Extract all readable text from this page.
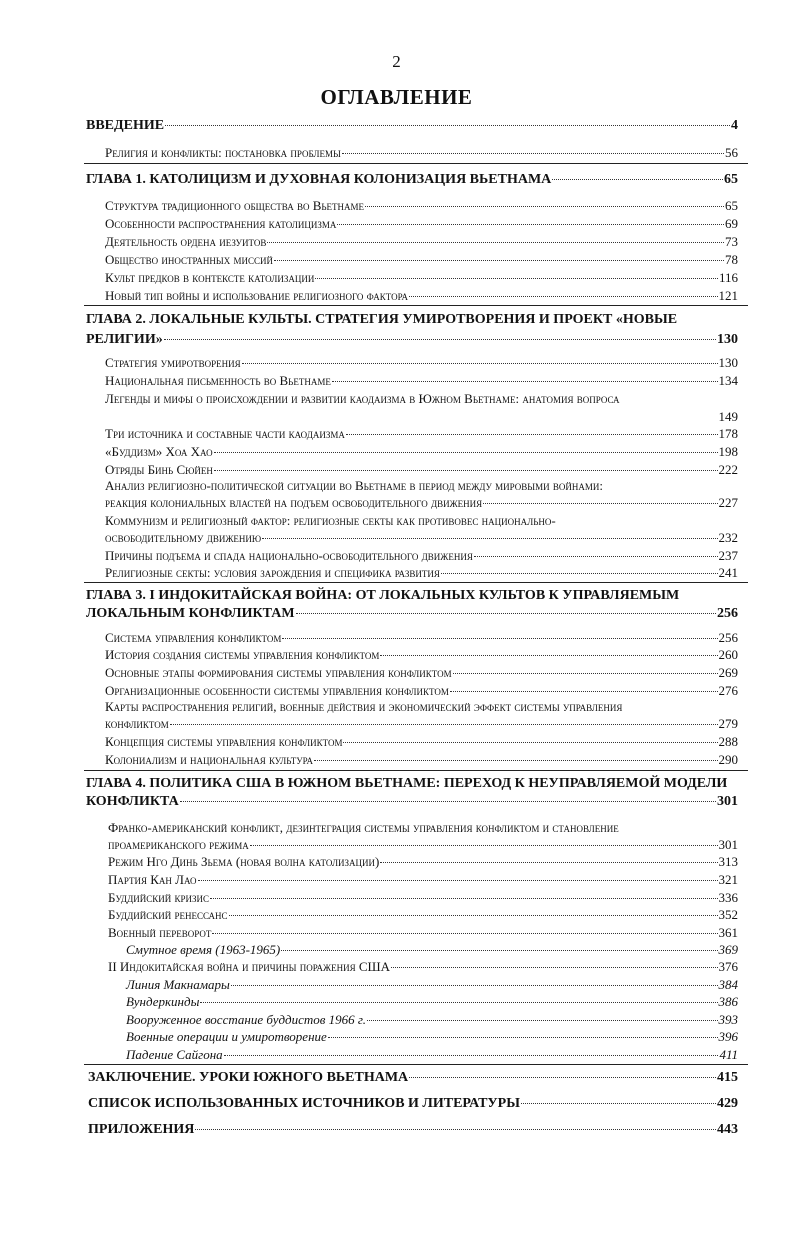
2
ОГЛАВЛЕНИЕ
ВВЕДЕНИЕ	4
Религия и конфликты: постановка проблемы	56
ГЛАВА 1. КАТОЛИЦИЗМ И ДУХОВНАЯ КОЛОНИЗАЦИЯ ВЬЕТНАМА	65
Структура традиционного общества во Вьетнаме	65
Особенности распространения католицизма	69
Деятельность ордена иезуитов	73
Общество иностранных миссий	78
Культ предков в контексте католизации	116
Новый тип войны и использование религиозного фактора	121
ГЛАВА 2. ЛОКАЛЬНЫЕ КУЛЬТЫ. СТРАТЕГИЯ УМИРОТВОРЕНИЯ И ПРОЕКТ «НОВЫЕ
РЕЛИГИИ»	130
Стратегия умиротворения	130
Национальная письменность во Вьетнаме	134
Легенды и мифы о происхождении и развитии каодаизма в Южном Вьетнаме: анатомия вопроса
149
Три источника и составные части каодаизма	178
«Буддизм» Хоа Хао	198
Отряды Бинь Сюйен	222
Анализ религиозно-политической ситуации во Вьетнаме в период между мировыми войнами:
реакция колониальных властей на подъем освободительного движения	227
Коммунизм и религиозный фактор: религиозные секты как противовес национально-
освободительному движению	232
Причины подъема и спада национально-освободительного движения	237
Религиозные секты: условия зарождения и специфика развития	241
ГЛАВА 3. I ИНДОКИТАЙСКАЯ ВОЙНА: ОТ ЛОКАЛЬНЫХ КУЛЬТОВ К УПРАВЛЯЕМЫМ
ЛОКАЛЬНЫМ КОНФЛИКТАМ	256
Система управления конфликтом	256
История создания системы управления конфликтом	260
Основные этапы формирования системы управления конфликтом	269
Организационные особенности системы управления конфликтом	276
Карты распространения религий, военные действия и экономический эффект системы управления
конфликтом	279
Концепция системы управления конфликтом	288
Колониализм и национальная культура	290
ГЛАВА 4. ПОЛИТИКА США В ЮЖНОМ ВЬЕТНАМЕ: ПЕРЕХОД К НЕУПРАВЛЯЕМОЙ МОДЕЛИ
КОНФЛИКТА	301
Франко-американский конфликт, дезинтеграция системы управления конфликтом и становление
проамериканского режима	301
Режим Нго Динь Зьема (новая волна католизации)	313
Партия Кан Лао	321
Буддийский кризис	336
Буддийский ренессанс	352
Военный переворот	361
Смутное время (1963-1965)	369
II Индокитайская война и причины поражения США	376
Линия Макнамары	384
Вундеркинды	386
Вооруженное восстание буддистов 1966 г.	393
Военные операции и умиротворение	396
Падение Сайгона	411
ЗАКЛЮЧЕНИЕ. УРОКИ ЮЖНОГО ВЬЕТНАМА	415
СПИСОК ИСПОЛЬЗОВАННЫХ ИСТОЧНИКОВ И ЛИТЕРАТУРЫ	429
ПРИЛОЖЕНИЯ	443
